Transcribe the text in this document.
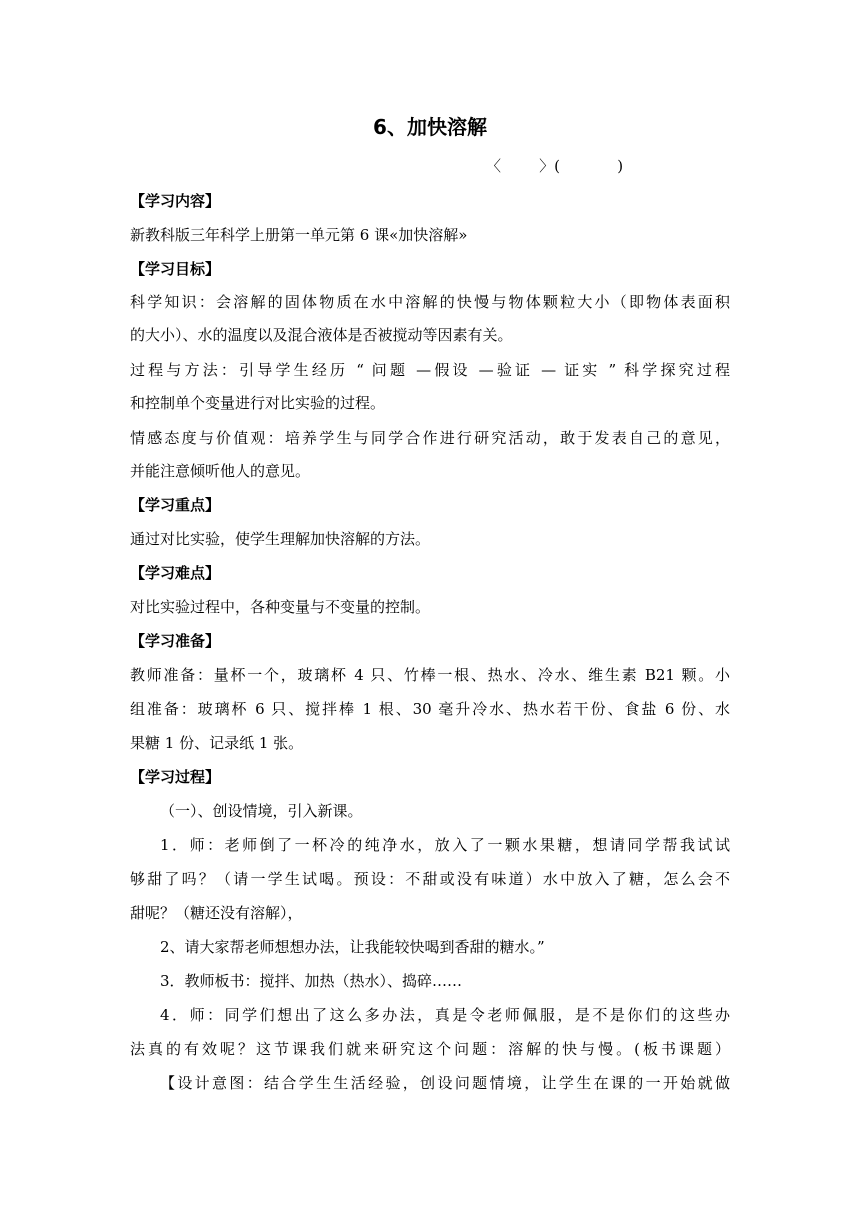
6、加快溶解
〈        〉(            )
【学习内容】
新教科版三年科学上册第一单元第 6 课«加快溶解»
【学习目标】
科学知识：会溶解的固体物质在水中溶解的快慢与物体颗粒大小（即物体表面积
的大小）、水的温度以及混合液体是否被搅动等因素有关。
过程与方法：引导学生经历 “ 问题 —假设 —验证 — 证实 ” 科学探究过程
和控制单个变量进行对比实验的过程。
情感态度与价值观：培养学生与同学合作进行研究活动，敢于发表自己的意见，
并能注意倾听他人的意见。
【学习重点】
通过对比实验，使学生理解加快溶解的方法。
【学习难点】
对比实验过程中，各种变量与不变量的控制。
【学习准备】
教师准备：量杯一个，玻璃杯 4 只、竹棒一根、热水、冷水、维生素 B21 颗。小
组准备：玻璃杯 6 只、搅拌棒 1 根、30 毫升冷水、热水若干份、食盐 6 份、水
果糖 1 份、记录纸 1 张。
【学习过程】
（一）、创设情境，引入新课。
1．师：老师倒了一杯冷的纯净水，放入了一颗水果糖，想请同学帮我试试
够甜了吗？（请一学生试喝。预设：不甜或没有味道）水中放入了糖，怎么会不
甜呢？（糖还没有溶解），
2、请大家帮老师想想办法，让我能较快喝到香甜的糖水。”
3．教师板书：搅拌、加热（热水）、捣碎……
4．师：同学们想出了这么多办法，真是令老师佩服，是不是你们的这些办
法真的有效呢？这节课我们就来研究这个问题：溶解的快与慢。(板书课题）
【设计意图：结合学生生活经验，创设问题情境，让学生在课的一开始就做
